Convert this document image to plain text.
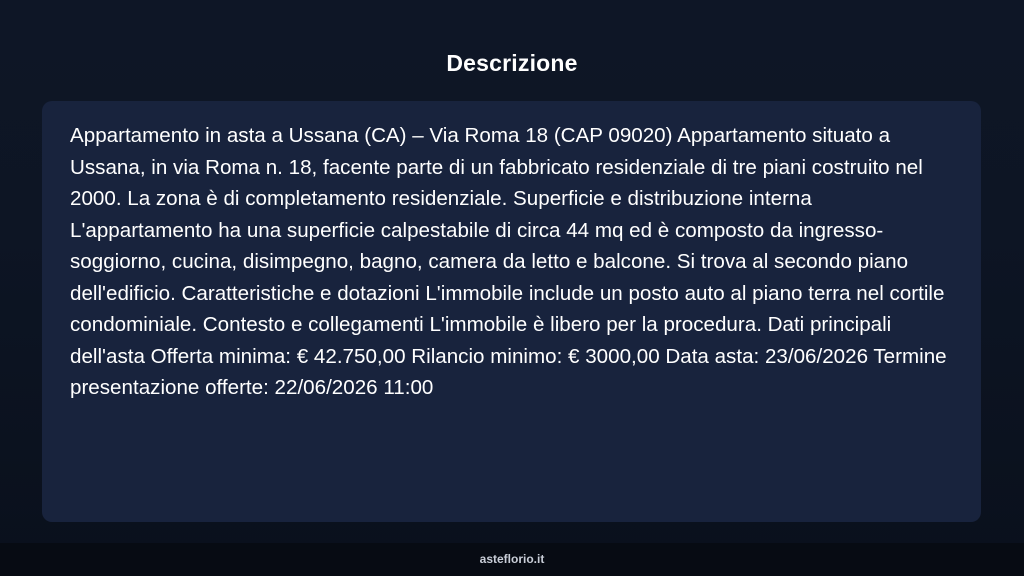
Descrizione

Appartamento in asta a Ussana (CA) – Via Roma 18 (CAP 09020) Appartamento situato a Ussana, in via Roma n. 18, facente parte di un fabbricato residenziale di tre piani costruito nel 2000. La zona è di completamento residenziale. Superficie e distribuzione interna L'appartamento ha una superficie calpestabile di circa 44 mq ed è composto da ingresso-soggiorno, cucina, disimpegno, bagno, camera da letto e balcone. Si trova al secondo piano dell'edificio. Caratteristiche e dotazioni L'immobile include un posto auto al piano terra nel cortile condominiale. Contesto e collegamenti L'immobile è libero per la procedura. Dati principali dell'asta Offerta minima: € 42.750,00 Rilancio minimo: € 3000,00 Data asta: 23/06/2026 Termine presentazione offerte: 22/06/2026 11:00

asteflorio.it
